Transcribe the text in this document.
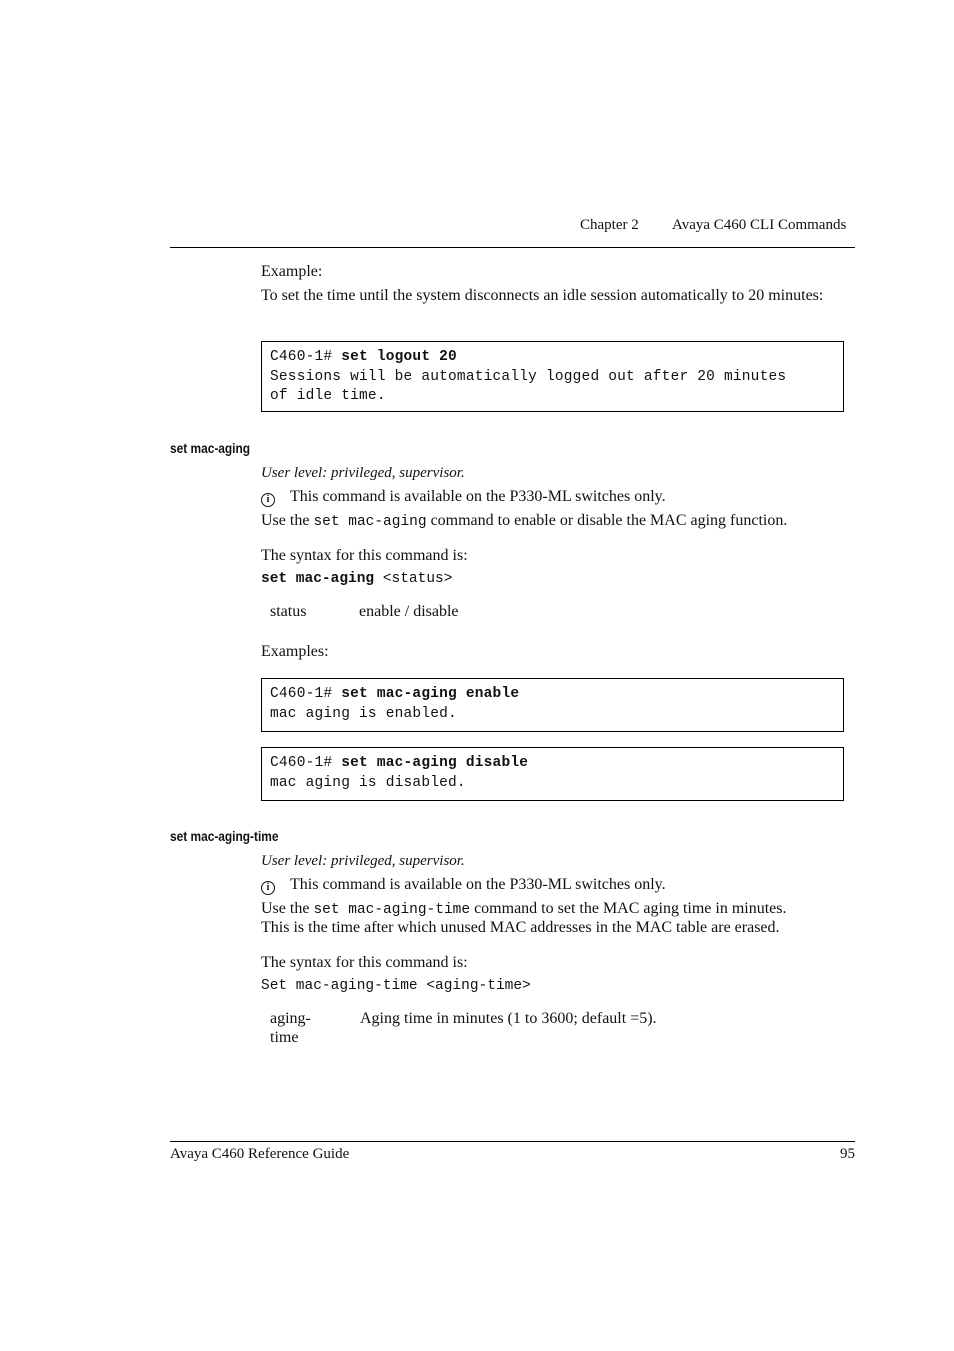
Chapter 2 Avaya C460 CLI Commands
Example:
To set the time until the system disconnects an idle session automatically to 20 minutes:
C460-1# set logout 20
Sessions will be automatically logged out after 20 minutes
of idle time.
set mac-aging
User level: privileged, supervisor.
i This command is available on the P330-ML switches only.
Use the set mac-aging command to enable or disable the MAC aging function.
The syntax for this command is:
set mac-aging <status>
status	enable / disable
Examples:
C460-1# set mac-aging enable
mac aging is enabled.
C460-1# set mac-aging disable
mac aging is disabled.
set mac-aging-time
User level: privileged, supervisor.
i This command is available on the P330-ML switches only.
Use the set mac-aging-time command to set the MAC aging time in minutes.
This is the time after which unused MAC addresses in the MAC table are erased.
The syntax for this command is:
Set mac-aging-time <aging-time>
aging-
time
Aging time in minutes (1 to 3600; default =5).
Avaya C460 Reference Guide	95
